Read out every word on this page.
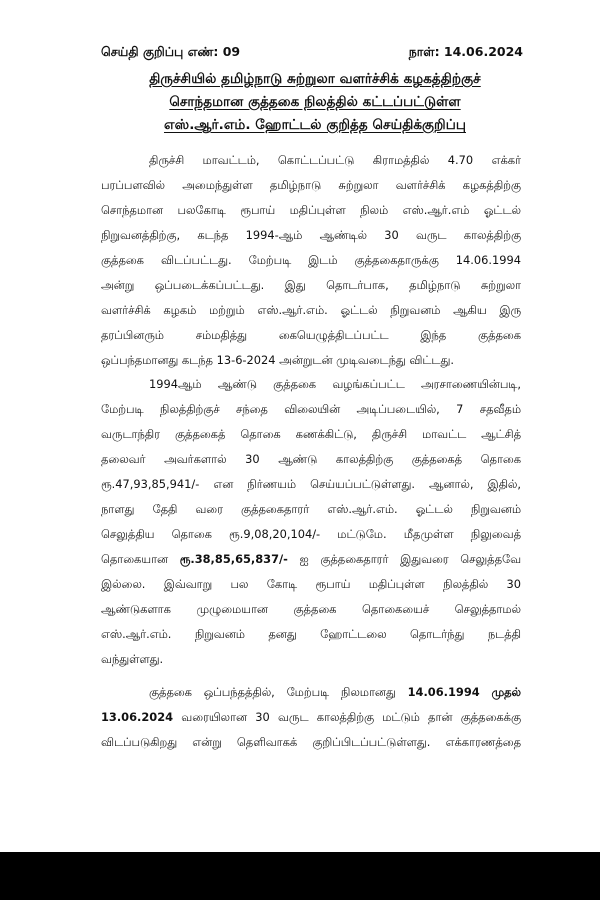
செய்தி குறிப்பு எண்: 09	நாள்: 14.06.2024
திருச்சியில் தமிழ்நாடு சுற்றுலா வளர்ச்சிக் கழகத்திற்குச்
சொந்தமான குத்தகை நிலத்தில் கட்டப்பட்டுள்ள
எஸ்.ஆர்.எம். ஹோட்டல் குறித்த செய்திக்குறிப்பு
திருச்சி மாவட்டம், கொட்டப்பட்டு கிராமத்தில் 4.70 எக்கர்
பரப்பளவில் அமைந்துள்ள தமிழ்நாடு சுற்றுலா வளர்ச்சிக் கழகத்திற்கு
சொந்தமான பலகோடி ரூபாய் மதிப்புள்ள நிலம் எஸ்.ஆர்.எம் ஓட்டல்
நிறுவனத்திற்கு, கடந்த 1994-ஆம் ஆண்டில் 30 வருட காலத்திற்கு
குத்தகை விடப்பட்டது. மேற்படி இடம் குத்தகைதாருக்கு 14.06.1994
அன்று ஒப்படைக்கப்பட்டது. இது தொடர்பாக, தமிழ்நாடு சுற்றுலா
வளர்ச்சிக் கழகம் மற்றும் எஸ்.ஆர்.எம். ஓட்டல் நிறுவனம் ஆகிய இரு
தரப்பினரும் சம்மதித்து கையெழுத்திடப்பட்ட இந்த குத்தகை
ஒப்பந்தமானது கடந்த 13-6-2024 அன்றுடன் முடிவடைந்து விட்டது.
1994ஆம் ஆண்டு குத்தகை வழங்கப்பட்ட அரசாணையின்படி,
மேற்படி நிலத்திற்குச் சந்தை விலையின் அடிப்படையில், 7 சதவீதம்
வருடாந்திர குத்தகைத் தொகை கணக்கிட்டு, திருச்சி மாவட்ட ஆட்சித்
தலைவர் அவர்களால் 30 ஆண்டு காலத்திற்கு குத்தகைத் தொகை
ரூ.47,93,85,941/- என நிர்ணயம் செய்யப்பட்டுள்ளது. ஆனால், இதில்,
நாளது தேதி வரை குத்தகைதாரர் எஸ்.ஆர்.எம். ஓட்டல் நிறுவனம்
செலுத்திய தொகை ரூ.9,08,20,104/- மட்டுமே. மீதமுள்ள நிலுவைத்
தொகையான ரூ.38,85,65,837/- ஐ குத்தகைதாரர் இதுவரை செலுத்தவே
இல்லை. இவ்வாறு பல கோடி ரூபாய் மதிப்புள்ள நிலத்தில் 30
ஆண்டுகளாக முழுமையான குத்தகை தொகையைச் செலுத்தாமல்
எஸ்.ஆர்.எம். நிறுவனம் தனது ஹோட்டலை தொடர்ந்து நடத்தி
வந்துள்ளது.
குத்தகை ஒப்பந்தத்தில், மேற்படி நிலமானது 14.06.1994 முதல்
13.06.2024 வரையிலான 30 வருட காலத்திற்கு மட்டும் தான் குத்தகைக்கு
விடப்படுகிறது என்று தெளிவாகக் குறிப்பிடப்பட்டுள்ளது. எக்காரணத்தை
